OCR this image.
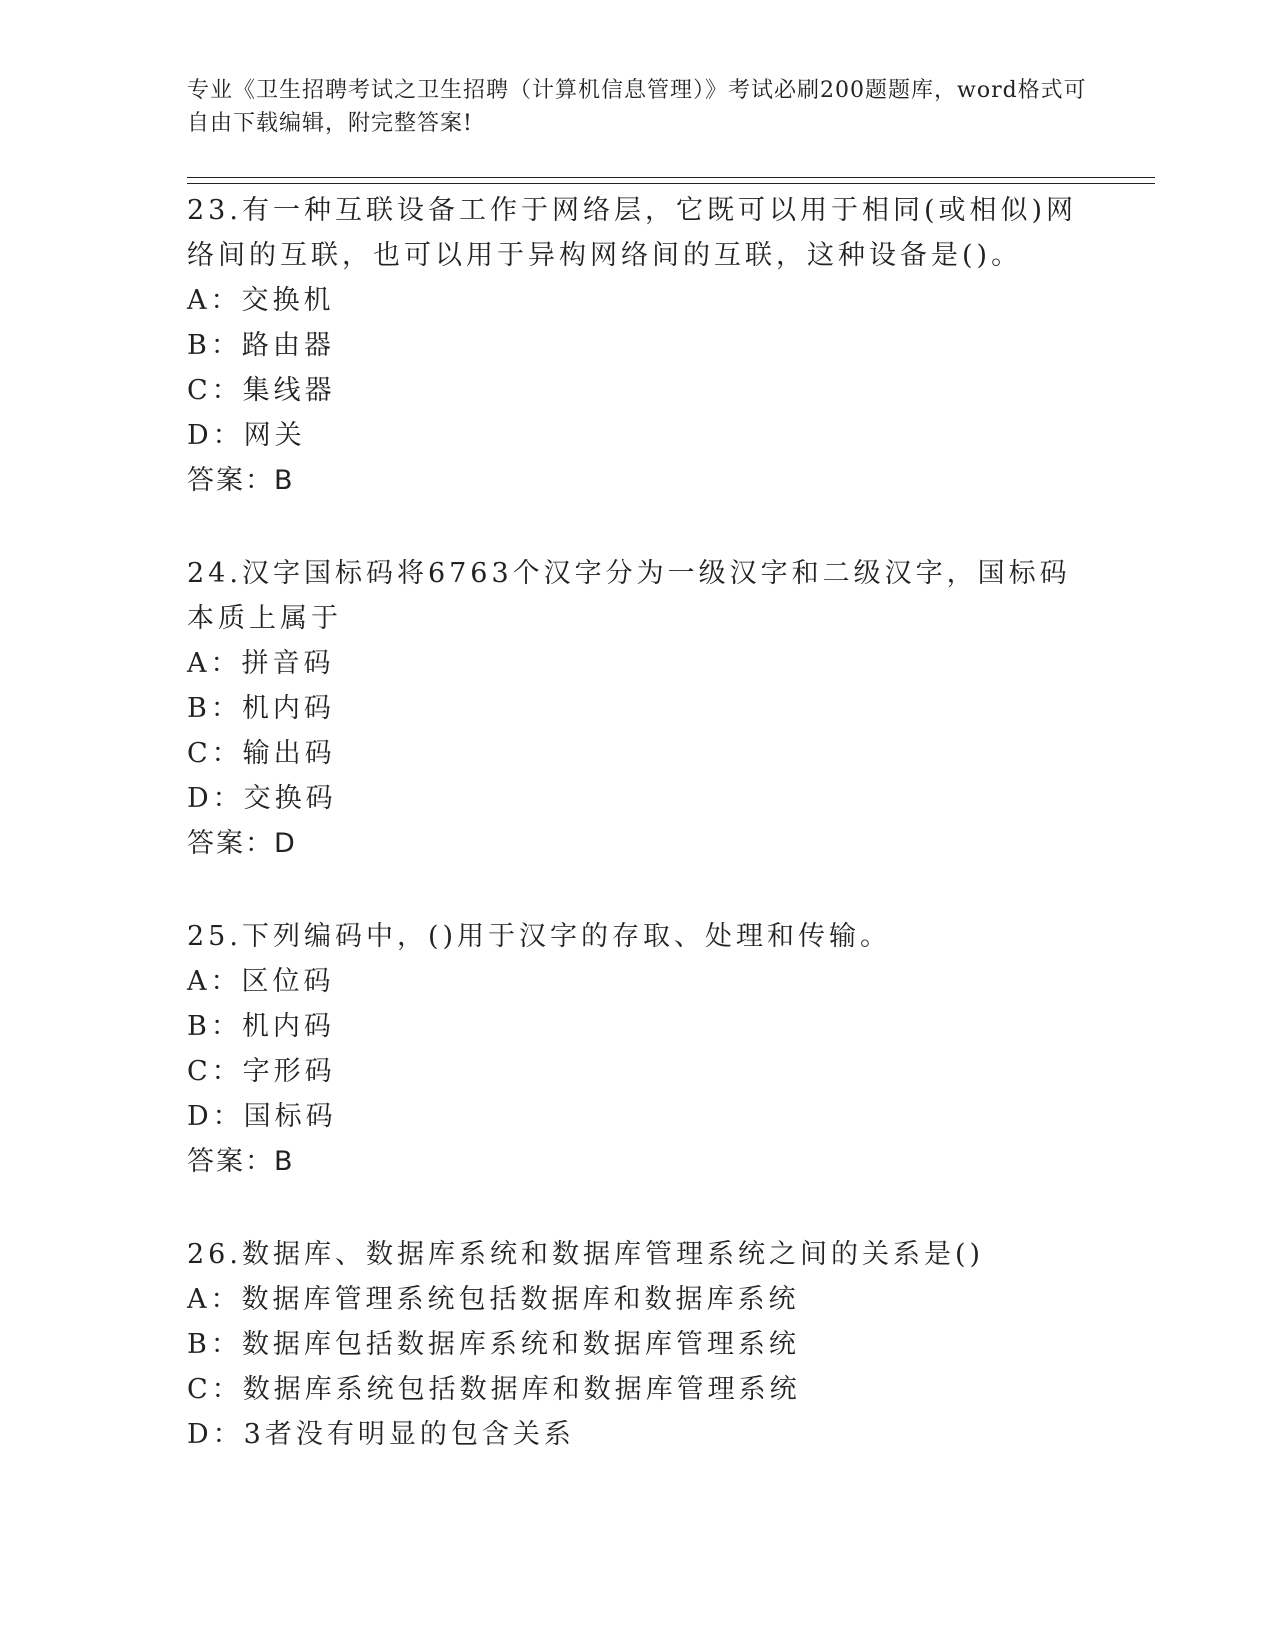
专业《卫生招聘考试之卫生招聘（计算机信息管理）》考试必刷200题题库，word格式可自由下载编辑，附完整答案!

23.有一种互联设备工作于网络层，它既可以用于相同(或相似)网络间的互联，也可以用于异构网络间的互联，这种设备是()。

A：交换机

B：路由器

C：集线器

D：网关

答案：B

24.汉字国标码将6763个汉字分为一级汉字和二级汉字，国标码本质上属于

A：拼音码

B：机内码

C：输出码

D：交换码

答案：D

25.下列编码中，()用于汉字的存取、处理和传输。

A：区位码

B：机内码

C：字形码

D：国标码

答案：B

26.数据库、数据库系统和数据库管理系统之间的关系是()

A：数据库管理系统包括数据库和数据库系统

B：数据库包括数据库系统和数据库管理系统

C：数据库系统包括数据库和数据库管理系统

D：3者没有明显的包含关系
